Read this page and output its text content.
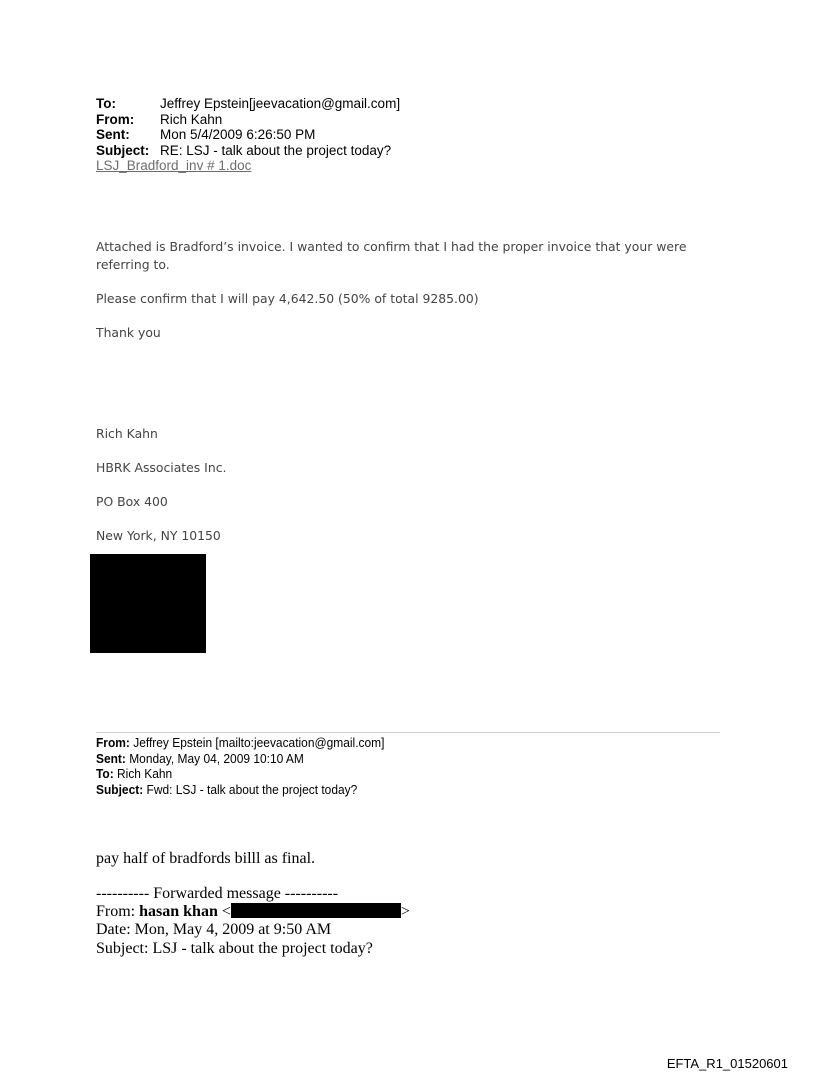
To:	Jeffrey Epstein[jeevacation@gmail.com]
From:	Rich Kahn
Sent:	Mon 5/4/2009 6:26:50 PM
Subject: RE: LSJ - talk about the project today?
LSJ_Bradford_inv # 1.doc

Attached is Bradford’s invoice. I wanted to confirm that I had the proper invoice that your were

referring to.

Please confirm that I will pay 4,642.50 (50% of total 9285.00)

Thank you

Rich Kahn

HBRK Associates Inc.

PO Box 400

New York, NY 10150

From: Jeffrey Epstein [mailto:jeevacation@gmail.com]
Sent: Monday, May 04, 2009 10:10 AM
To: Rich Kahn
Subject: Fwd: LSJ - talk about the project today?

pay half of bradfords billl as final.

---------- Forwarded message ----------

From: hasan khan <	>

Date: Mon, May 4, 2009 at 9:50 AM

Subject: LSJ - talk about the project today?

EFTA_R1_01520601
